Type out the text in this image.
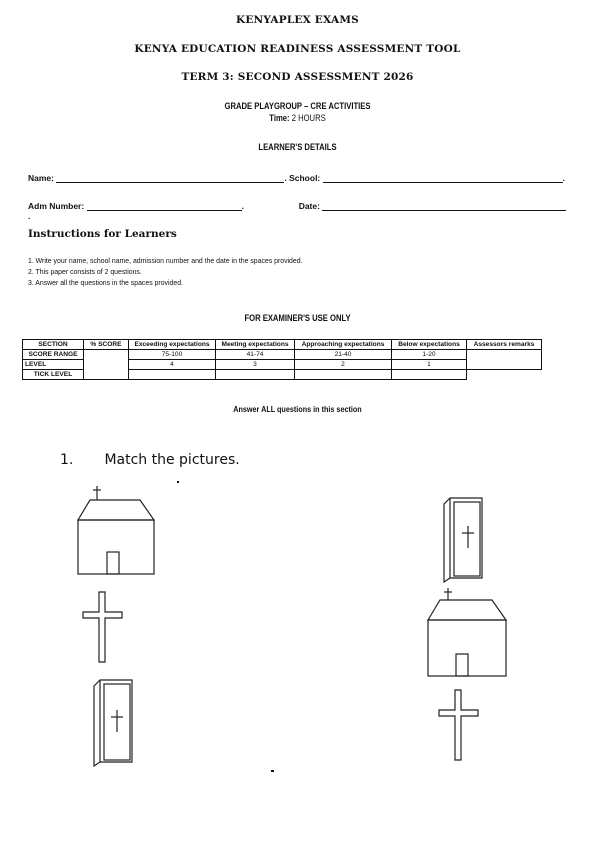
KENYAPLEX EXAMS
KENYA EDUCATION READINESS ASSESSMENT TOOL
TERM 3: SECOND ASSESSMENT 2026
GRADE PLAYGROUP – CRE ACTIVITIES
Time: 2 HOURS
LEARNER'S DETAILS
Name:	. School:	.
Adm Number:	.	Date: .
Instructions for Learners
1. Write your name, school name, admission number and the date in the spaces provided.
2. This paper consists of 2 questions.
3. Answer all the questions in the spaces provided.
FOR EXAMINER'S USE ONLY
SECTION	% SCORE	Exceeding expectations	Meeting expectations	Approaching expectations	Below expectations	Assessors remarks
SCORE RANGE		75-100	41-74	21-40	1-20	
LEVEL		4	3	2	1	
TICK LEVEL						
Answer ALL questions in this section
1. Match the pictures.
